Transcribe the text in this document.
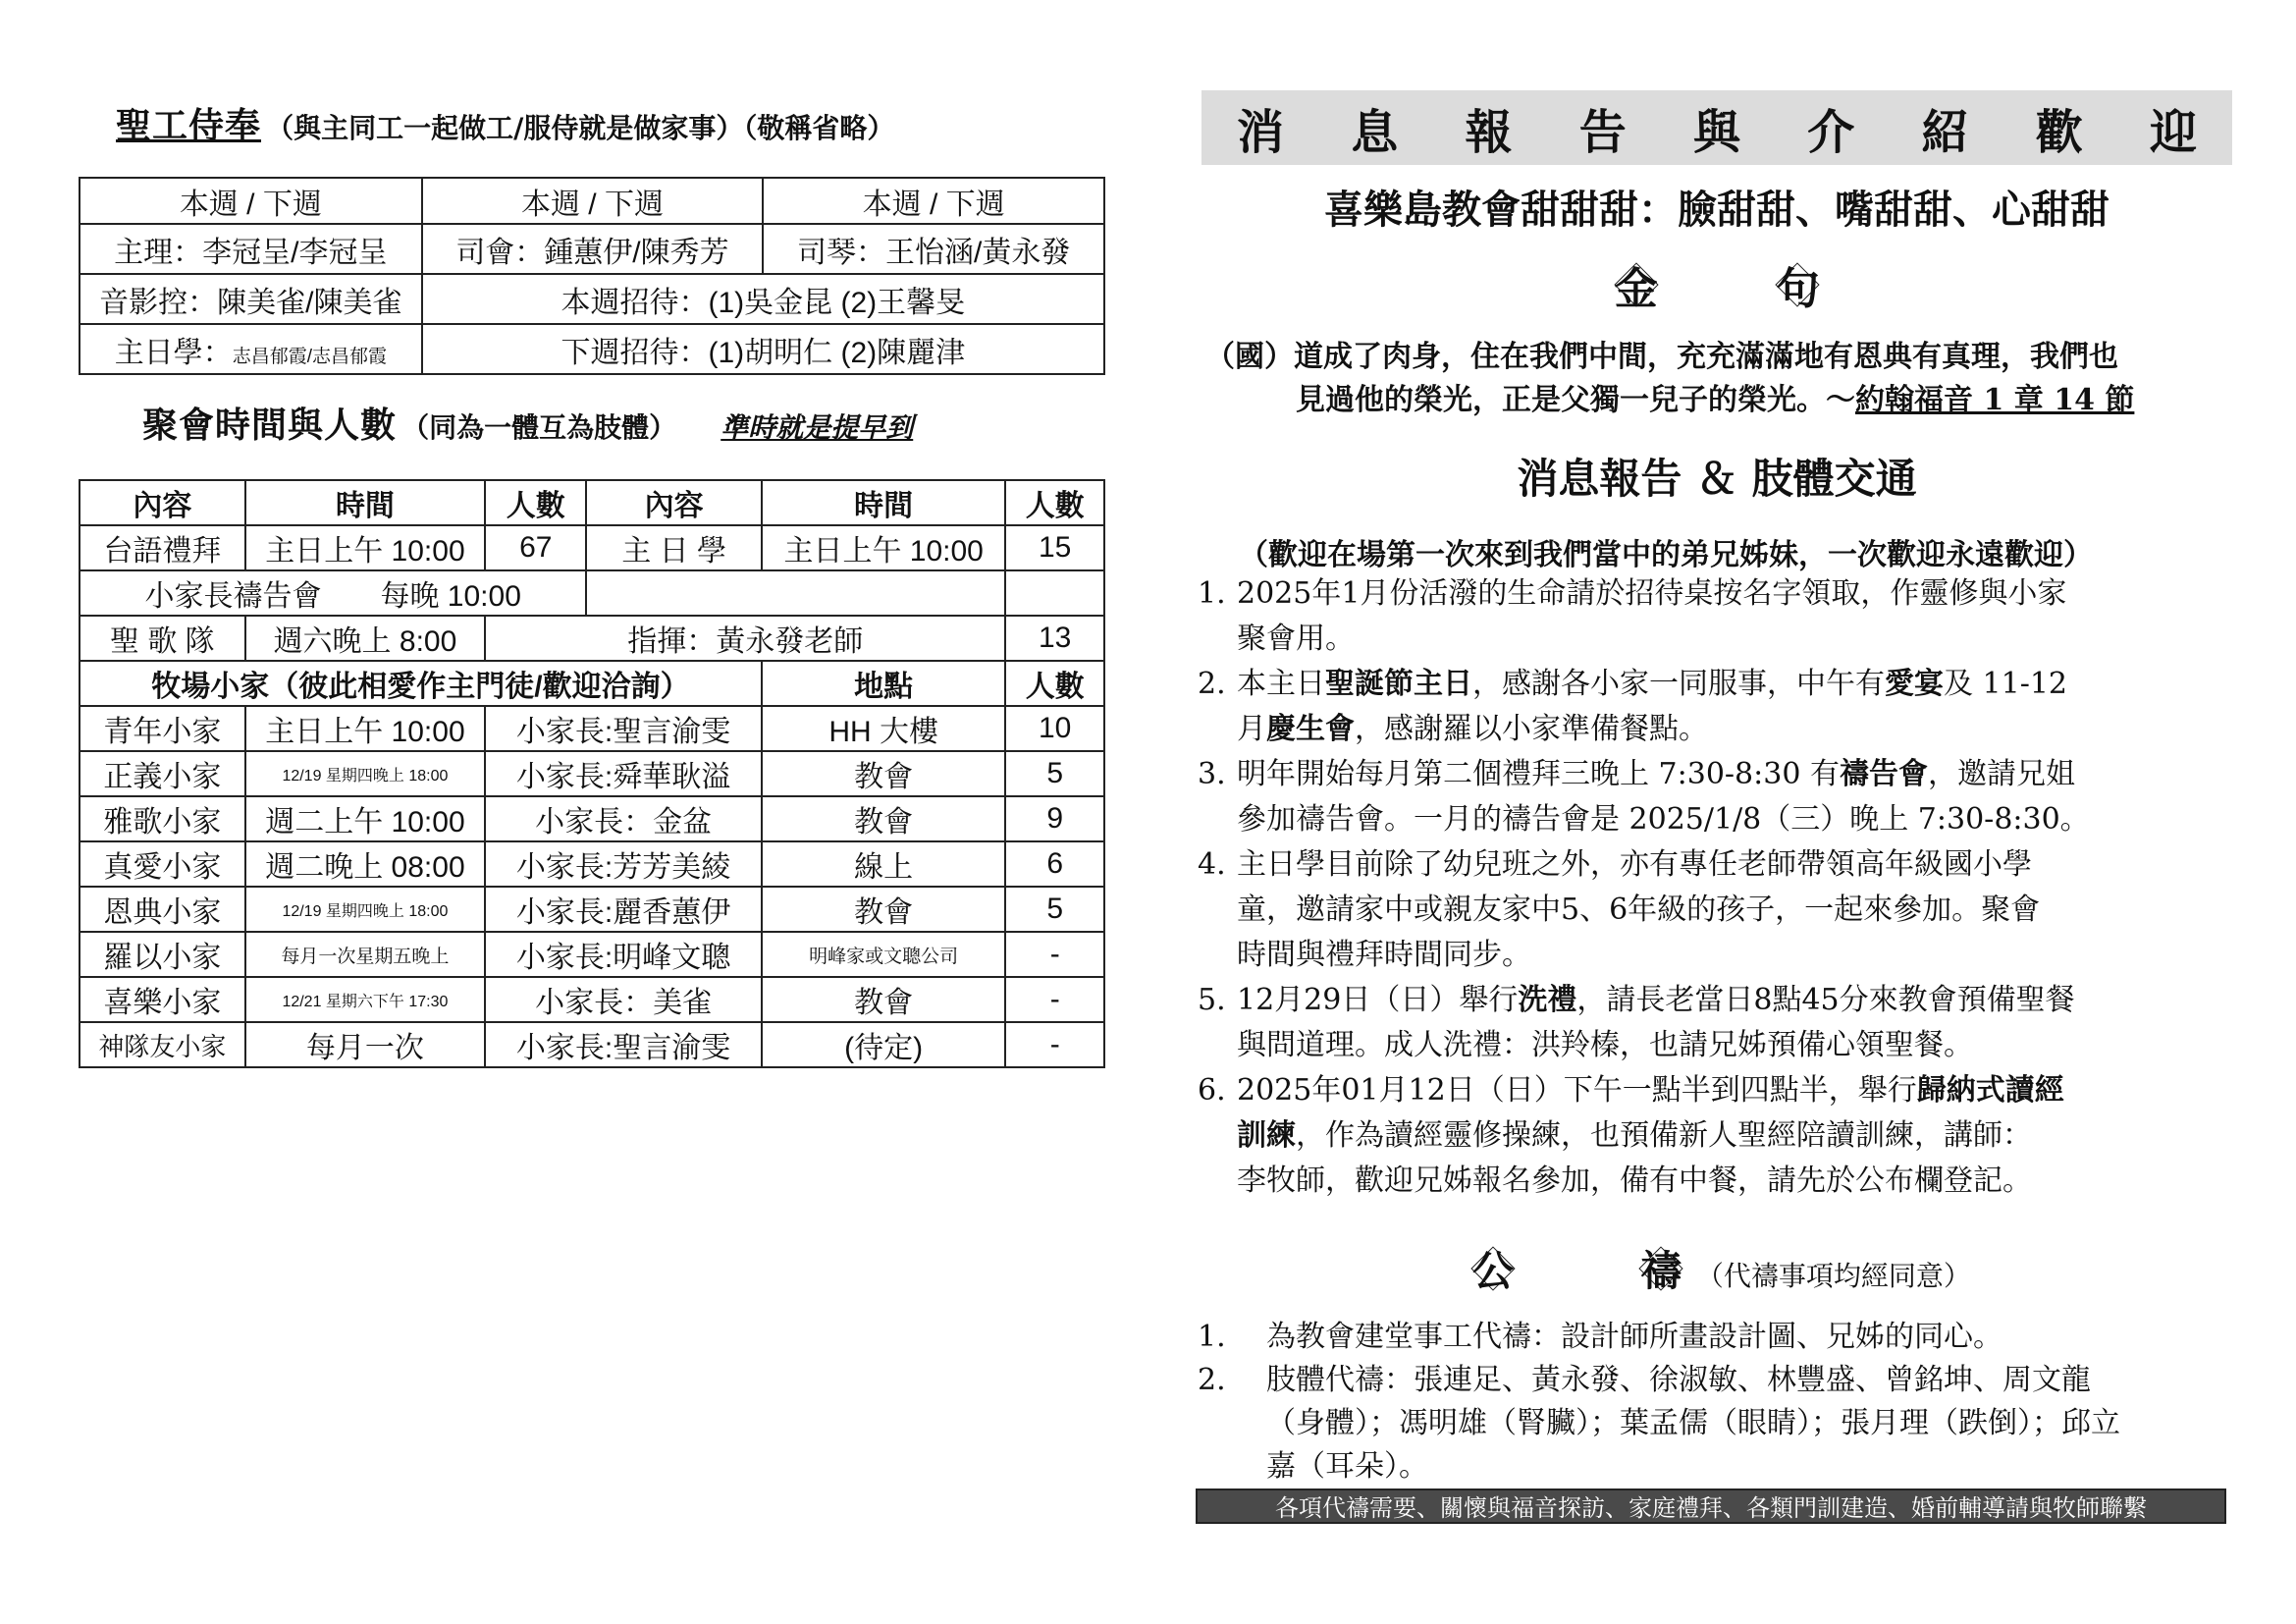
聖工侍奉 （與主同工一起做工/服侍就是做家事）（敬稱省略）
本週 / 下週	本週 / 下週	本週 / 下週
主理：李冠呈/李冠呈	司會：鍾蕙伊/陳秀芳	司琴：王怡涵/黃永發
音影控：陳美雀/陳美雀	本週招待：(1)吳金昆 (2)王馨旻	
主日學：志昌郁霞/志昌郁霞	下週招待：(1)胡明仁 (2)陳麗津	
聚會時間與人數 （同為一體互為肢體） 準時就是提早到
內容	時間	人數	內容	時間	人數
台語禮拜	主日上午 10:00	67	主 日 學	主日上午 10:00	15
小家長禱告會　　每晚 10:00					
聖 歌 隊	週六晚上 8:00	指揮：黃永發老師			13
牧場小家（彼此相愛作主門徒/歡迎洽詢）				地點	人數
青年小家	主日上午 10:00	小家長:聖言渝雯		HH 大樓	10
正義小家	12/19 星期四晚上 18:00	小家長:舜華耿溢		教會	5
雅歌小家	週二上午 10:00	小家長：金盆		教會	9
真愛小家	週二晚上 08:00	小家長:芳芳美綾		線上	6
恩典小家	12/19 星期四晚上 18:00	小家長:麗香蕙伊		教會	5
羅以小家	每月一次星期五晚上	小家長:明峰文聰		明峰家或文聰公司	-
喜樂小家	12/21 星期六下午 17:30	小家長：美雀		教會	-
神隊友小家	每月一次	小家長:聖言渝雯		(待定)	-
消	息	報	告	與	介	紹	歡	迎
喜樂島教會甜甜甜：臉甜甜、嘴甜甜、心甜甜
金	句
（國）道成了肉身，住在我們中間，充充滿滿地有恩典有真理，我們也
見過他的榮光，正是父獨一兒子的榮光。～約翰福音 1 章 14 節
消息報告 ＆ 肢體交通
（歡迎在場第一次來到我們當中的弟兄姊妹，一次歡迎永遠歡迎）
1. 2025年1月份活潑的生命請於招待桌按名字領取，作靈修與小家
聚會用。
2. 本主日聖誕節主日，感謝各小家一同服事，中午有愛宴及 11-12
月慶生會，感謝羅以小家準備餐點。
3. 明年開始每月第二個禮拜三晚上 7:30-8:30 有禱告會，邀請兄姐
參加禱告會。一月的禱告會是 2025/1/8（三）晚上 7:30-8:30。
4. 主日學目前除了幼兒班之外，亦有專任老師帶領高年級國小學
童，邀請家中或親友家中5、6年級的孩子，一起來參加。聚會
時間與禮拜時間同步。
5. 12月29日（日）舉行洗禮，請長老當日8點45分來教會預備聖餐
與問道理。成人洗禮：洪羚榛，也請兄姊預備心領聖餐。
6. 2025年01月12日（日）下午一點半到四點半，舉行歸納式讀經
訓練，作為讀經靈修操練，也預備新人聖經陪讀訓練，講師：
李牧師，歡迎兄姊報名參加，備有中餐，請先於公布欄登記。
公	禱 （代禱事項均經同意）
1. 為教會建堂事工代禱：設計師所畫設計圖、兄姊的同心。
2. 肢體代禱：張連足、黃永發、徐淑敏、林豐盛、曾銘坤、周文龍
（身體）；馮明雄（腎臟）；葉孟儒（眼睛）；張月理（跌倒）；邱立
嘉（耳朵）。
各項代禱需要、關懷與福音探訪、家庭禮拜、各類門訓建造、婚前輔導請與牧師聯繫
